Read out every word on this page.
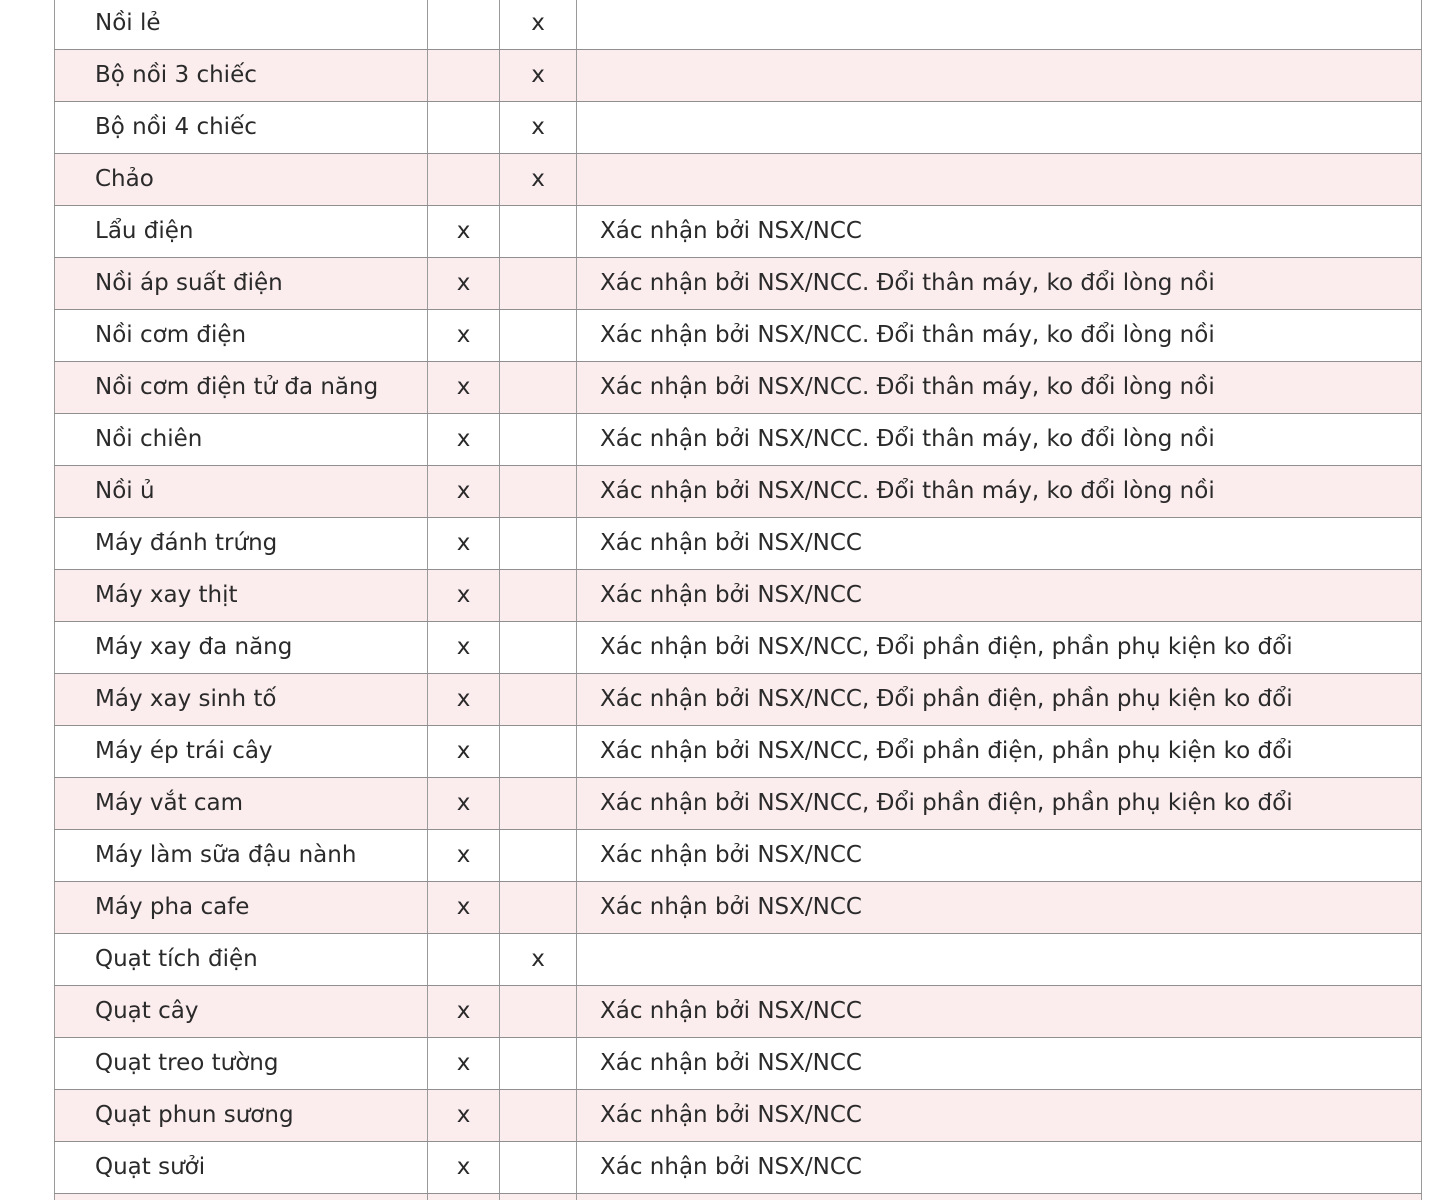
Nồi lẻ		x	
Bộ nồi 3 chiếc		x	
Bộ nồi 4 chiếc		x	
Chảo		x	
Lẩu điện	x		Xác nhận bởi NSX/NCC
Nồi áp suất điện	x		Xác nhận bởi NSX/NCC. Đổi thân máy, ko đổi lòng nồi
Nồi cơm điện	x		Xác nhận bởi NSX/NCC. Đổi thân máy, ko đổi lòng nồi
Nồi cơm điện tử đa năng	x		Xác nhận bởi NSX/NCC. Đổi thân máy, ko đổi lòng nồi
Nồi chiên	x		Xác nhận bởi NSX/NCC. Đổi thân máy, ko đổi lòng nồi
Nồi ủ	x		Xác nhận bởi NSX/NCC. Đổi thân máy, ko đổi lòng nồi
Máy đánh trứng	x		Xác nhận bởi NSX/NCC
Máy xay thịt	x		Xác nhận bởi NSX/NCC
Máy xay đa năng	x		Xác nhận bởi NSX/NCC, Đổi phần điện, phần phụ kiện ko đổi
Máy xay sinh tố	x		Xác nhận bởi NSX/NCC, Đổi phần điện, phần phụ kiện ko đổi
Máy ép trái cây	x		Xác nhận bởi NSX/NCC, Đổi phần điện, phần phụ kiện ko đổi
Máy vắt cam	x		Xác nhận bởi NSX/NCC, Đổi phần điện, phần phụ kiện ko đổi
Máy làm sữa đậu nành	x		Xác nhận bởi NSX/NCC
Máy pha cafe	x		Xác nhận bởi NSX/NCC
Quạt tích điện		x	
Quạt cây	x		Xác nhận bởi NSX/NCC
Quạt treo tường	x		Xác nhận bởi NSX/NCC
Quạt phun sương	x		Xác nhận bởi NSX/NCC
Quạt sưởi	x		Xác nhận bởi NSX/NCC
